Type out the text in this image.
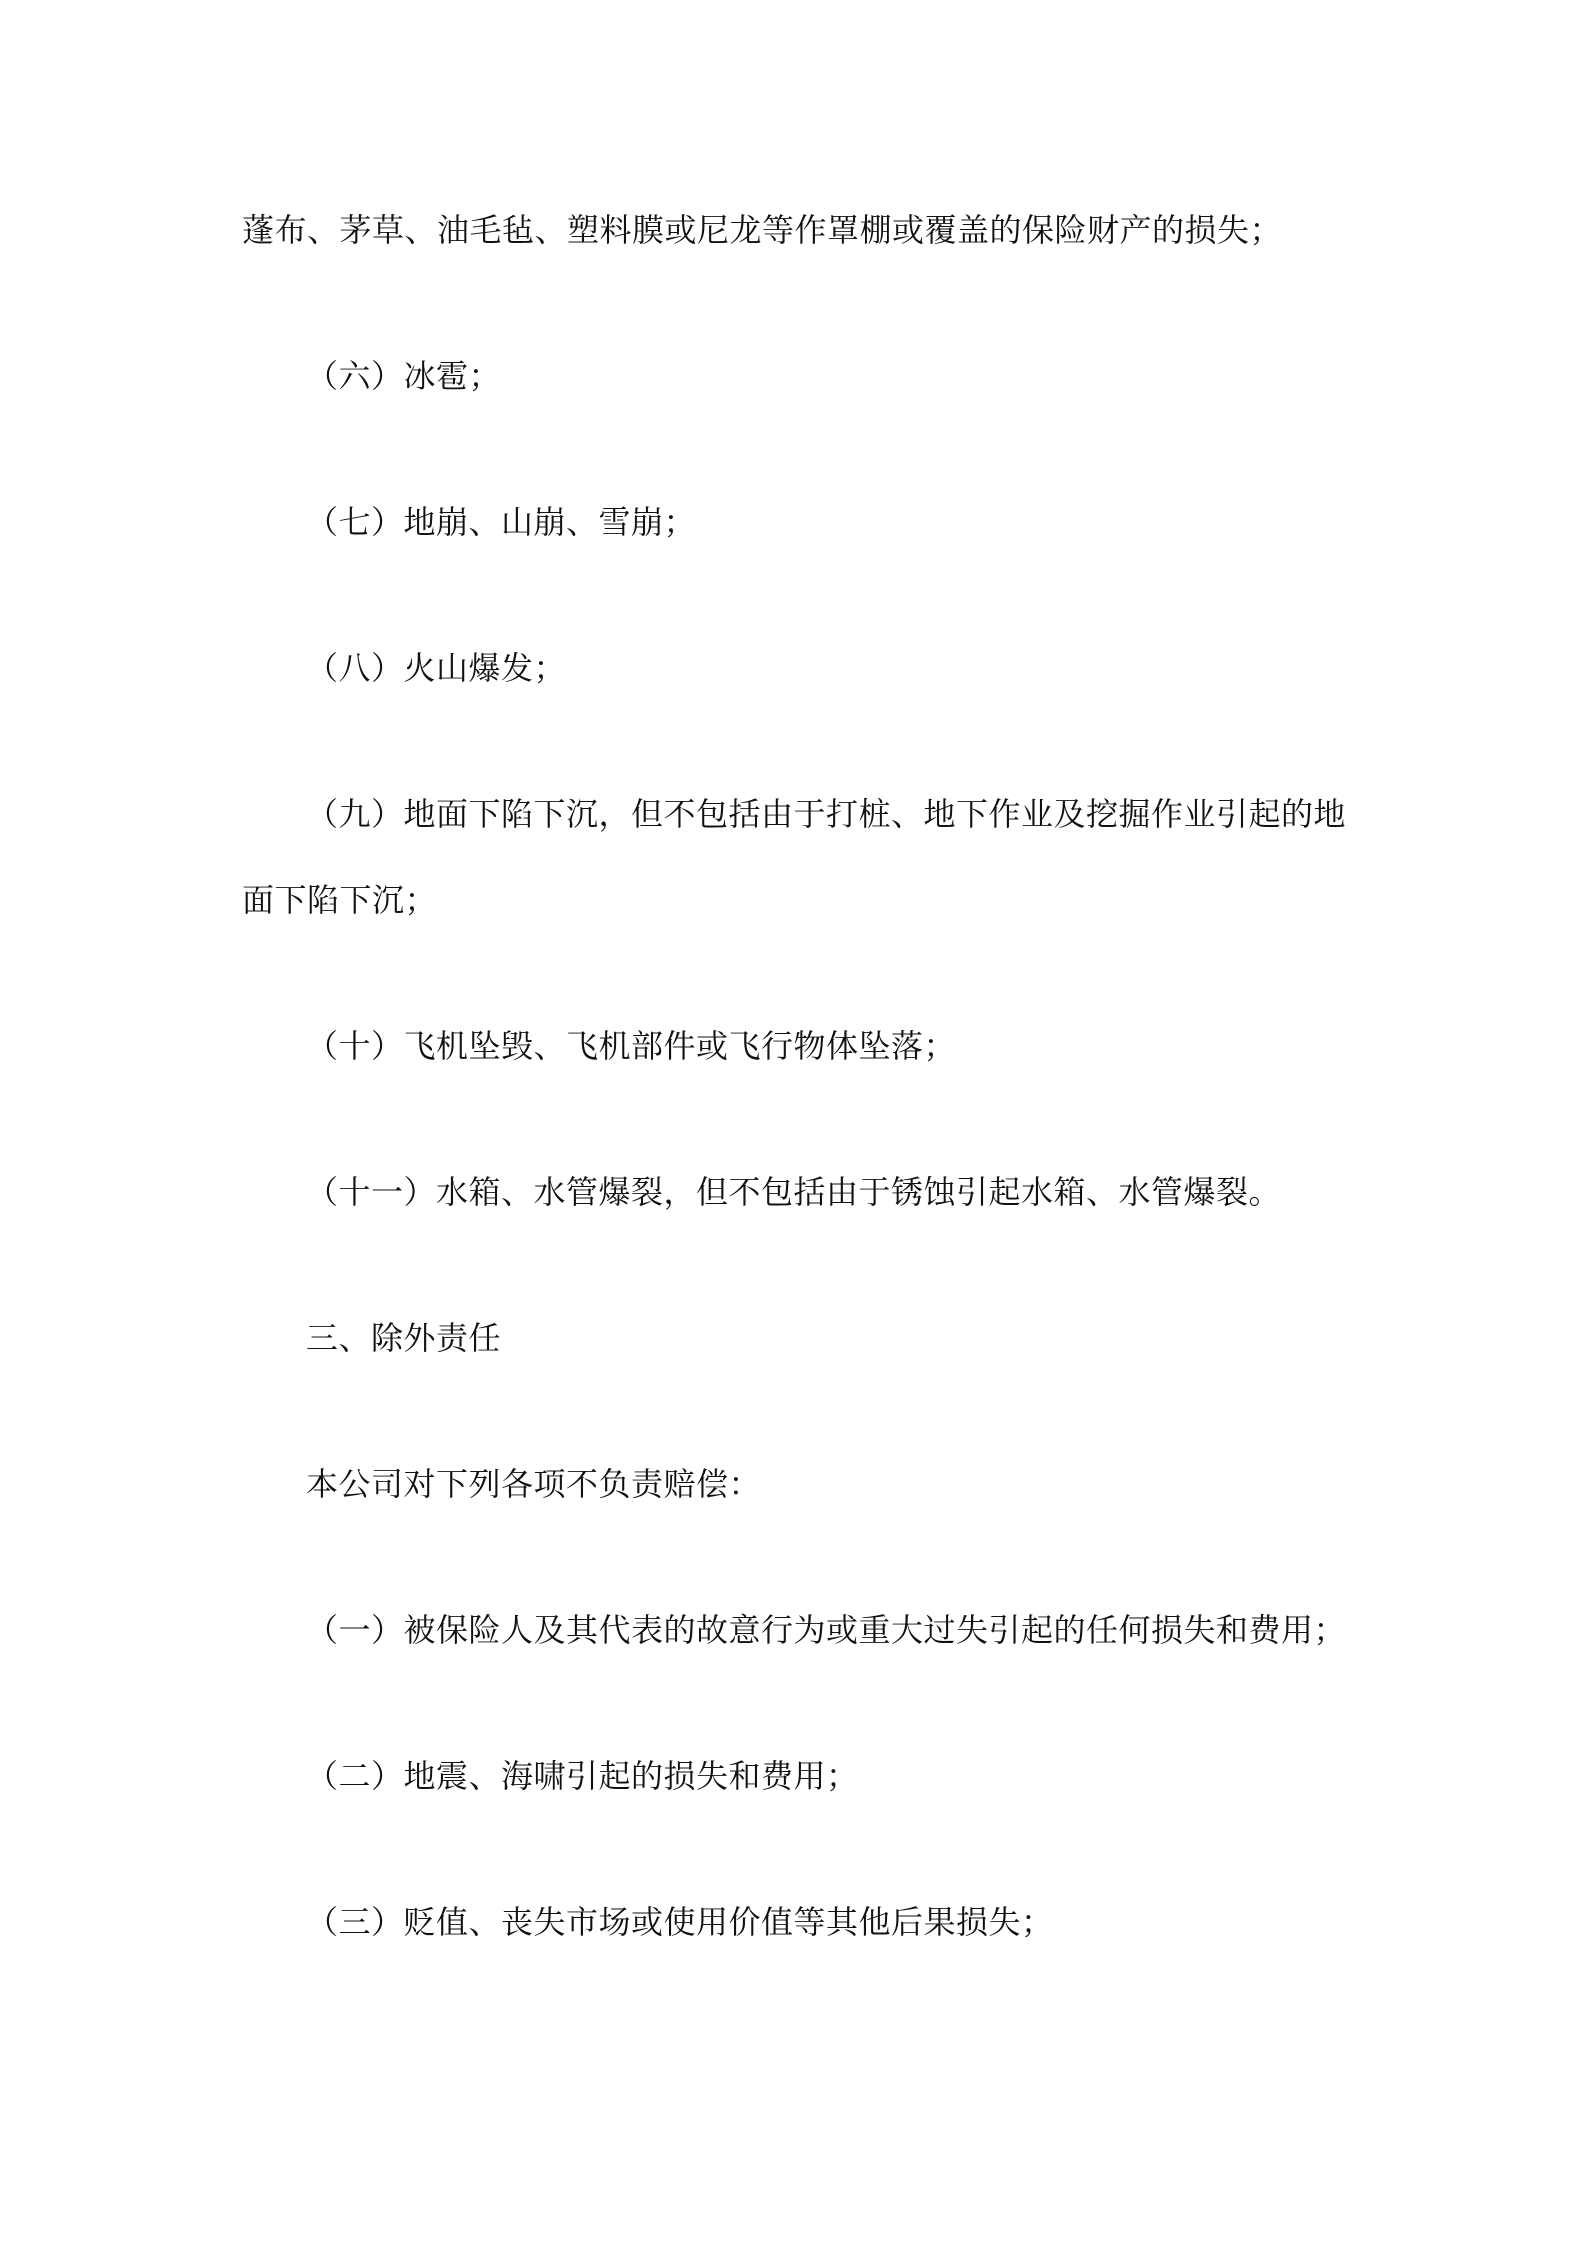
蓬布、茅草、油毛毡、塑料膜或尼龙等作罩棚或覆盖的保险财产的损失；

（六）冰雹；

（七）地崩、山崩、雪崩；

（八）火山爆发；

（九）地面下陷下沉，但不包括由于打桩、地下作业及挖掘作业引起的地

面下陷下沉；

（十）飞机坠毁、飞机部件或飞行物体坠落；

（十一）水箱、水管爆裂，但不包括由于锈蚀引起水箱、水管爆裂。

三、除外责任

本公司对下列各项不负责赔偿：

（一）被保险人及其代表的故意行为或重大过失引起的任何损失和费用；

（二）地震、海啸引起的损失和费用；

（三）贬值、丧失市场或使用价值等其他后果损失；
